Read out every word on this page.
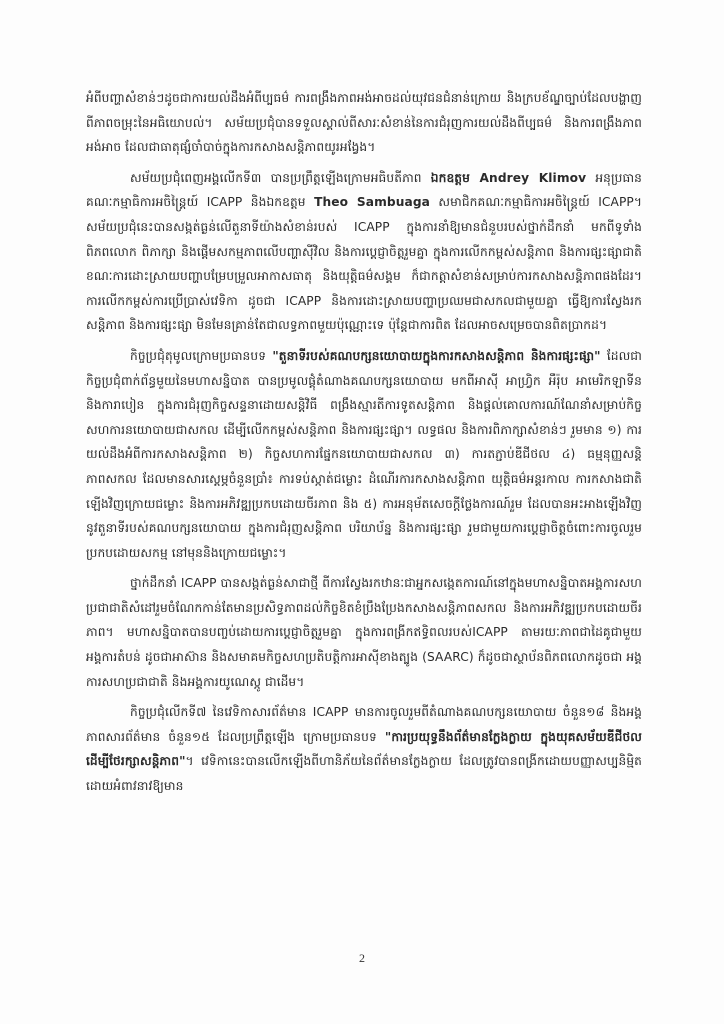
អំពីបញ្ហាសំខាន់ៗដូចជាការយល់ដឹងអំពីប្បធម៌ ការពង្រឹងភាពអង់អាចដល់យុវជនជំនាន់ក្រោយ និងក្របខ័ណ្ឌច្បាប់ដែលបង្ហាញពីភាពចម្រុះនៃអធិយោបល់។ សម័យប្រជុំបានទទួលស្គាល់ពីសារៈសំខាន់នៃការជំរុញការយល់ដឹងពីប្បធម៌ និងការពង្រឹងភាពអង់អាច ដែលជាធាតុផ្សំចាំបាច់ក្នុងការកសាងសន្តិភាពយូរអង្វែង។

សម័យប្រជុំពេញអង្គលើកទី៣ បានប្រព្រឹត្តឡើងក្រោមអធិបតីភាព ឯកឧត្តម Andrey Klimov អនុប្រធានគណៈកម្មាធិការអចិន្ត្រៃយ៍ ICAPP និងឯកឧត្តម Theo Sambuaga សមាជិកគណៈកម្មាធិការអចិន្ត្រៃយ៍ ICAPP។ សម័យប្រជុំនេះបានសង្កត់ធ្ងន់លើតួនាទីយ៉ាងសំខាន់របស់ ICAPP ក្នុងការនាំឱ្យមានជំនួបរបស់ថ្នាក់ដឹកនាំ មកពីទូទាំងពិភពលោក ពិភាក្សា និងផ្តើមសកម្មភាពលើបញ្ហាស៊ីវិល និងការប្តេជ្ញាចិត្តរួមគ្នា ក្នុងការលើកកម្ពស់សន្តិភាព និងការផ្សះផ្សាជាតិ ខណៈការដោះស្រាយបញ្ហាបម្រែបម្រួលអាកាសធាតុ និងយុត្តិធម៌សង្គម ក៏ជាកត្តាសំខាន់សម្រាប់ការកសាងសន្តិភាពផងដែរ។ ការលើកកម្ពស់ការប្រើប្រាស់វេទិកា ដូចជា ICAPP និងការដោះស្រាយបញ្ហាប្រឈមជាសកលជាមួយគ្នា ធ្វើឱ្យការស្វែងរកសន្តិភាព និងការផ្សះផ្សា មិនមែនគ្រាន់តែជាលទ្ធភាពមួយប៉ុណ្ណោះទេ ប៉ុន្តែជាការពិត ដែលអាចសម្រេចបានពិតប្រាកដ។

កិច្ចប្រជុំតុមូលក្រោមប្រធានបទ "តួនាទីរបស់គណបក្សនយោបាយក្នុងការកសាងសន្តិភាព និងការផ្សះផ្សា" ដែលជាកិច្ចប្រជុំពាក់ព័ន្ធមួយនៃមហាសន្និបាត បានប្រមូលផ្តុំតំណាងគណបក្សនយោបាយ មកពីអាស៊ី អាហ្វ្រិក អឺរ៉ុប អាមេរិកឡាទីន និងការាបៀន ក្នុងការជំរុញកិច្ចសន្ទនាដោយសន្តិវិធី ពង្រឹងស្មារតីការទូតសន្តិភាព និងផ្តល់គោលការណ៍ណែនាំសម្រាប់កិច្ចសហការនយោបាយជាសកល ដើម្បីលើកកម្ពស់សន្តិភាព និងការផ្សះផ្សា។ លទ្ធផល និងការពិភាក្សាសំខាន់ៗ រួមមាន ១) ការយល់ដឹងអំពីការកសាងសន្តិភាព ២) កិច្ចសហការផ្នែកនយោបាយជាសកល ៣) ការតភ្ជាប់ឌីជីថល ៤) ធម្មនុញ្ញសន្តិភាពសកល ដែលមានសារស្តេម្ភចំនួនប្រាំ៖ ការទប់ស្កាត់ជម្លោះ ដំណើរការកសាងសន្តិភាព យុត្តិធម៌អន្តរកាល ការកសាងជាតិឡើងវិញក្រោយជម្លោះ និងការអភិវឌ្ឍប្រកបដោយចីរភាព និង ៥) ការអនុម័តសេចក្តីថ្លែងការណ៍រួម ដែលបានអះអាងឡើងវិញនូវតួនាទីរបស់គណបក្សនយោបាយ ក្នុងការជំរុញសន្តិភាព បរិយាប័ន្ន និងការផ្សះផ្សា រួមជាមួយការប្តេជ្ញាចិត្តចំពោះការចូលរួមប្រកបដោយសកម្ម នៅមុននិងក្រោយជម្លោះ។

ថ្នាក់ដឹកនាំ ICAPP បានសង្កត់ធ្ងន់សាជាថ្មី ពីការស្វែងរកឋានៈជាអ្នកសង្កេតការណ៍នៅក្នុងមហាសន្និបាតអង្គការសហប្រជាជាតិសំដៅរួមចំណែកកាន់តែមានប្រសិទ្ធភាពដល់កិច្ចខិតខំប្រឹងប្រែងកសាងសន្តិភាពសកល និងការអភិវឌ្ឍប្រកបដោយចីរភាព។ មហាសន្និបាតបានបញ្ចប់ដោយការប្តេជ្ញាចិត្តរួមគ្នា ក្នុងការពង្រីកឥទ្ធិពលរបស់ICAPP តាមរយៈភាពជាដៃគូជាមួយអង្គការតំបន់ ដូចជាអាស៊ាន និងសមាគមកិច្ចសហប្រតិបត្តិការអាស៊ីខាងត្បូង (SAARC) ក៏ដូចជាស្ថាប័នពិភពលោកដូចជា អង្គការសហប្រជាជាតិ និងអង្គការយូណេស្កូ ជាដើម។

កិច្ចប្រជុំលើកទី៧ នៃវេទិកាសារព័ត៌មាន ICAPP មានការចូលរួមពីតំណាងគណបក្សនយោបាយ ចំនួន១៨ និងអង្គភាពសារព័ត៌មាន ចំនួន១៥ ដែលប្រព្រឹត្តឡើង ក្រោមប្រធានបទ "ការប្រយុទ្ធនឹងព័ត៌មានក្លែងក្លាយ ក្នុងយុគសម័យឌីជីថល ដើម្បីថែរក្សាសន្តិភាព"។ វេទិកានេះបានលើកឡើងពីហានិភ័យនៃព័ត៌មានក្លែងក្លាយ ដែលត្រូវបានពង្រីកដោយបញ្ញាសប្បនិម្មិត ដោយអំពាវនាវឱ្យមាន

2
